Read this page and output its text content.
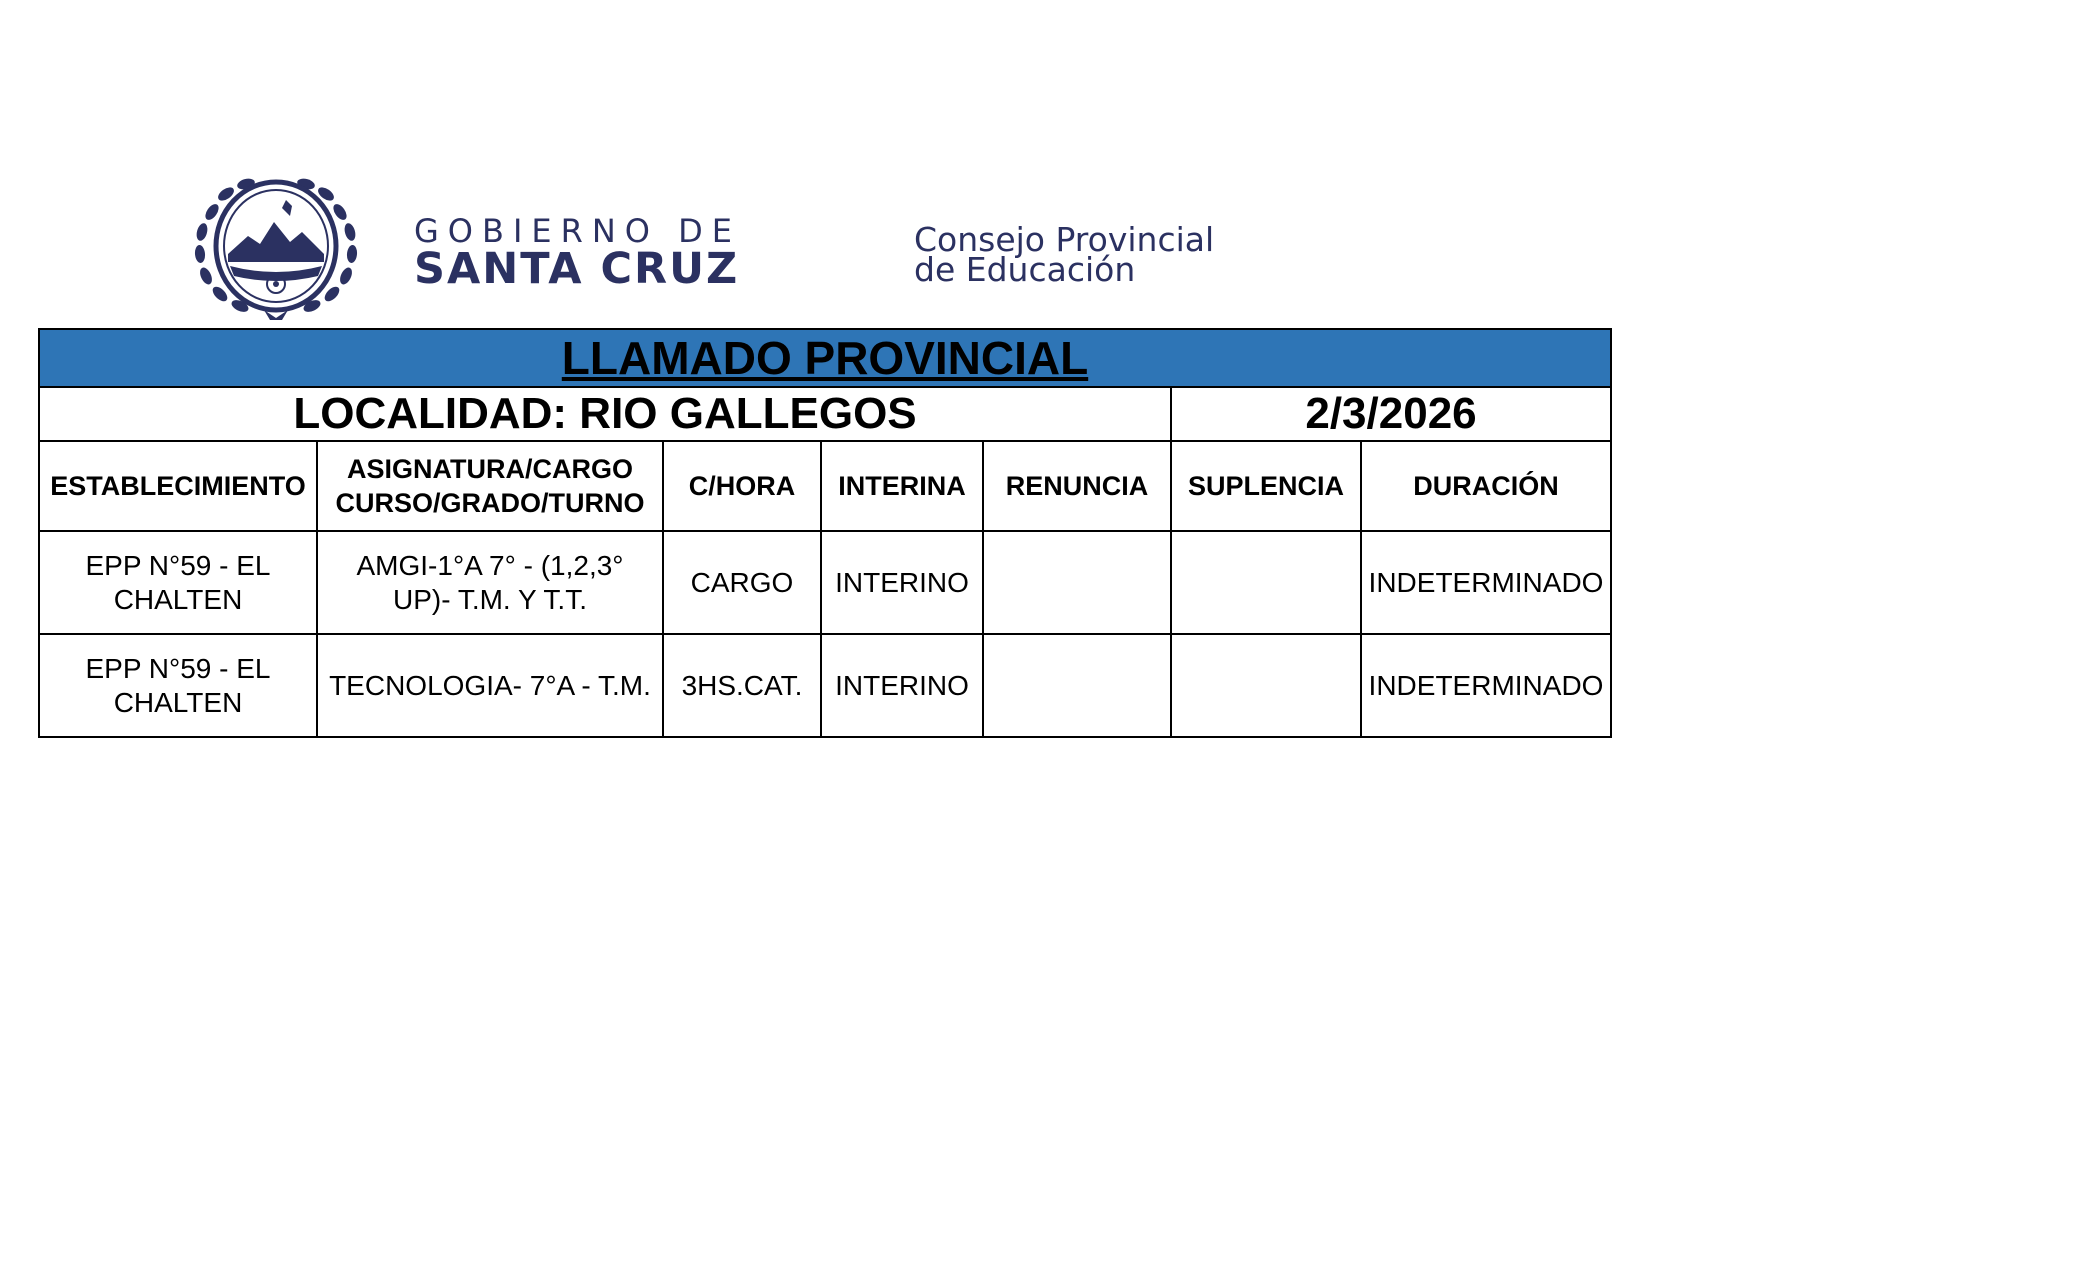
GOBIERNO DE
SANTA CRUZ
Consejo Provincial
de Educación
LLAMADO PROVINCIAL						
LOCALIDAD: RIO GALLEGOS					2/3/2026	
ESTABLECIMIENTO	ASIGNATURA/CARGO CURSO/GRADO/TURNO	C/HORA	INTERINA	RENUNCIA	SUPLENCIA	DURACIÓN
EPP N°59 - EL CHALTEN	AMGI-1°A 7° - (1,2,3° UP)- T.M. Y T.T.	CARGO	INTERINO			INDETERMINADO
EPP N°59 - EL CHALTEN	TECNOLOGIA- 7°A - T.M.	3HS.CAT.	INTERINO			INDETERMINADO
